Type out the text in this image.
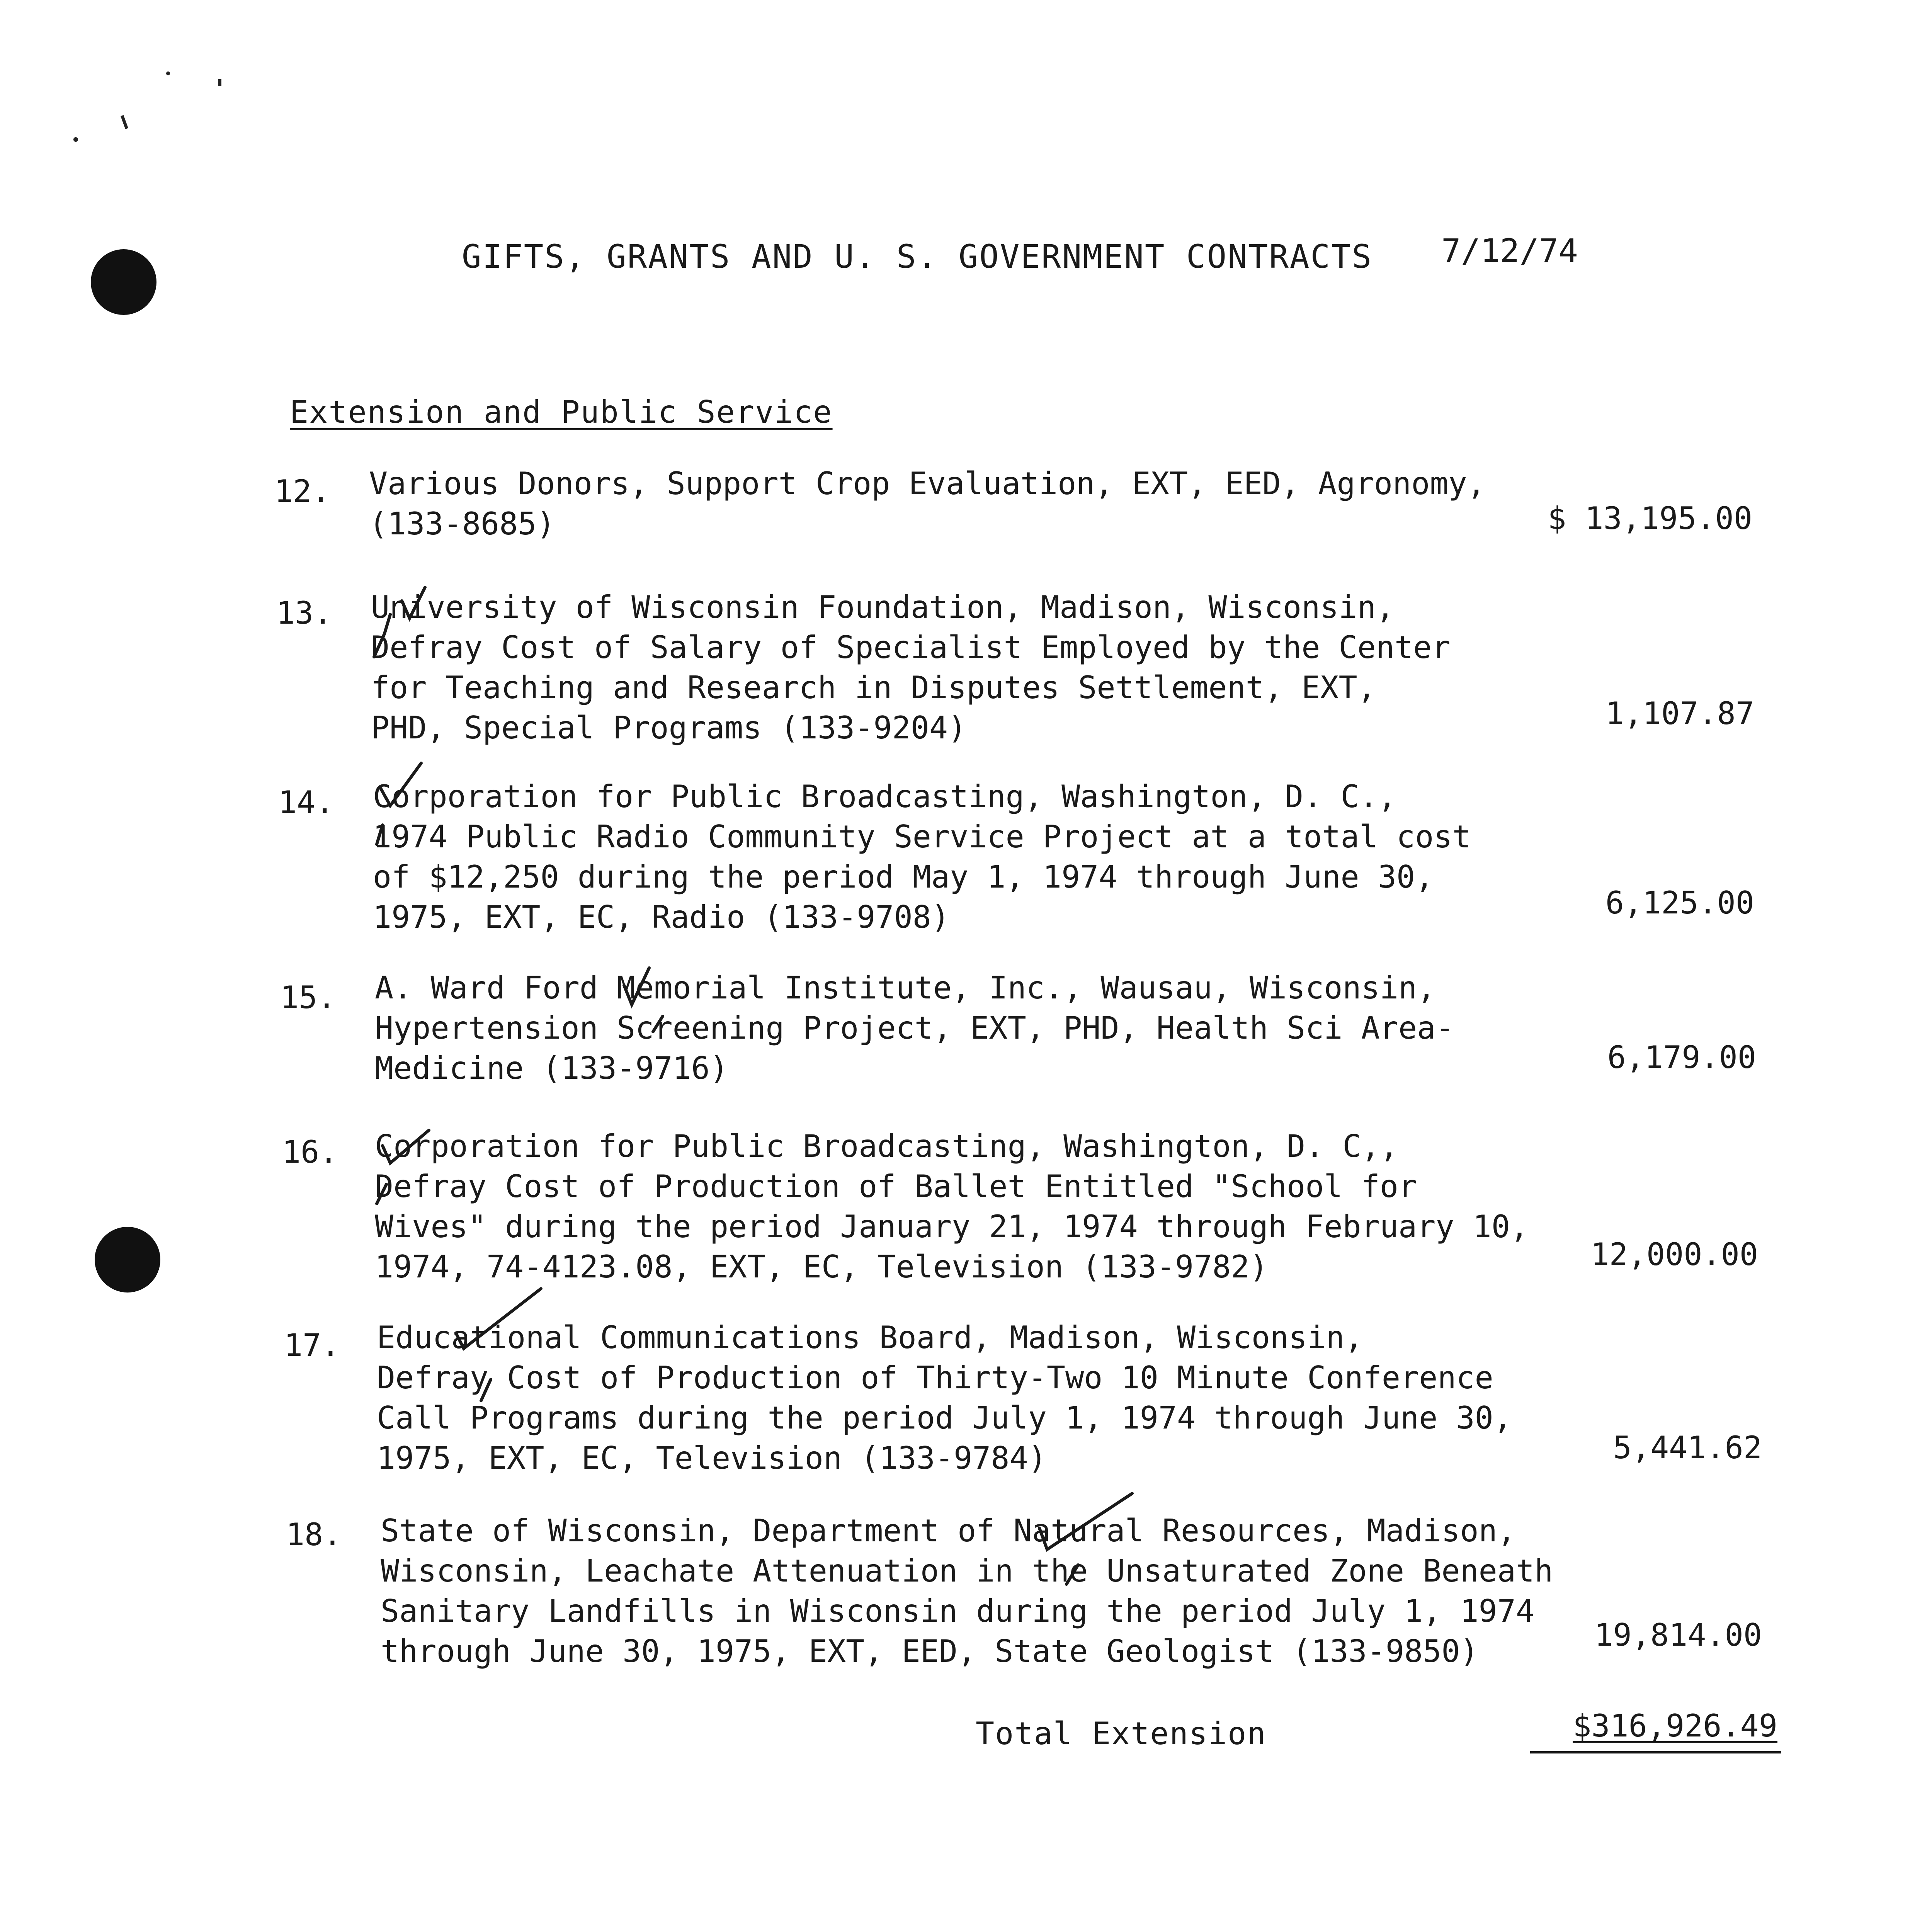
GIFTS, GRANTS AND U. S. GOVERNMENT CONTRACTS 7/12/74
Extension and Public Service
12. Various Donors, Support Crop Evaluation, EXT, EED, Agronomy,
(133-8685)	$ 13,195.00
13. University of Wisconsin Foundation, Madison, Wisconsin,
Defray Cost of Salary of Specialist Employed by the Center
for Teaching and Research in Disputes Settlement, EXT,
PHD, Special Programs (133-9204)	1,107.87
14. Corporation for Public Broadcasting, Washington, D. C.,
1974 Public Radio Community Service Project at a total cost
of $12,250 during the period May 1, 1974 through June 30,
1975, EXT, EC, Radio (133-9708)	6,125.00
15. A. Ward Ford Memorial Institute, Inc., Wausau, Wisconsin,
Hypertension Screening Project, EXT, PHD, Health Sci Area-
Medicine (133-9716)	6,179.00
16. Corporation for Public Broadcasting, Washington, D. C,,
Defray Cost of Production of Ballet Entitled "School for
Wives" during the period January 21, 1974 through February 10,
1974, 74-4123.08, EXT, EC, Television (133-9782)	12,000.00
17. Educational Communications Board, Madison, Wisconsin,
Defray Cost of Production of Thirty-Two 10 Minute Conference
Call Programs during the period July 1, 1974 through June 30,
1975, EXT, EC, Television (133-9784)	5,441.62
18. State of Wisconsin, Department of Natural Resources, Madison,
Wisconsin, Leachate Attenuation in the Unsaturated Zone Beneath
Sanitary Landfills in Wisconsin during the period July 1, 1974
through June 30, 1975, EXT, EED, State Geologist (133-9850)	19,814.00
Total Extension	$316,926.49
